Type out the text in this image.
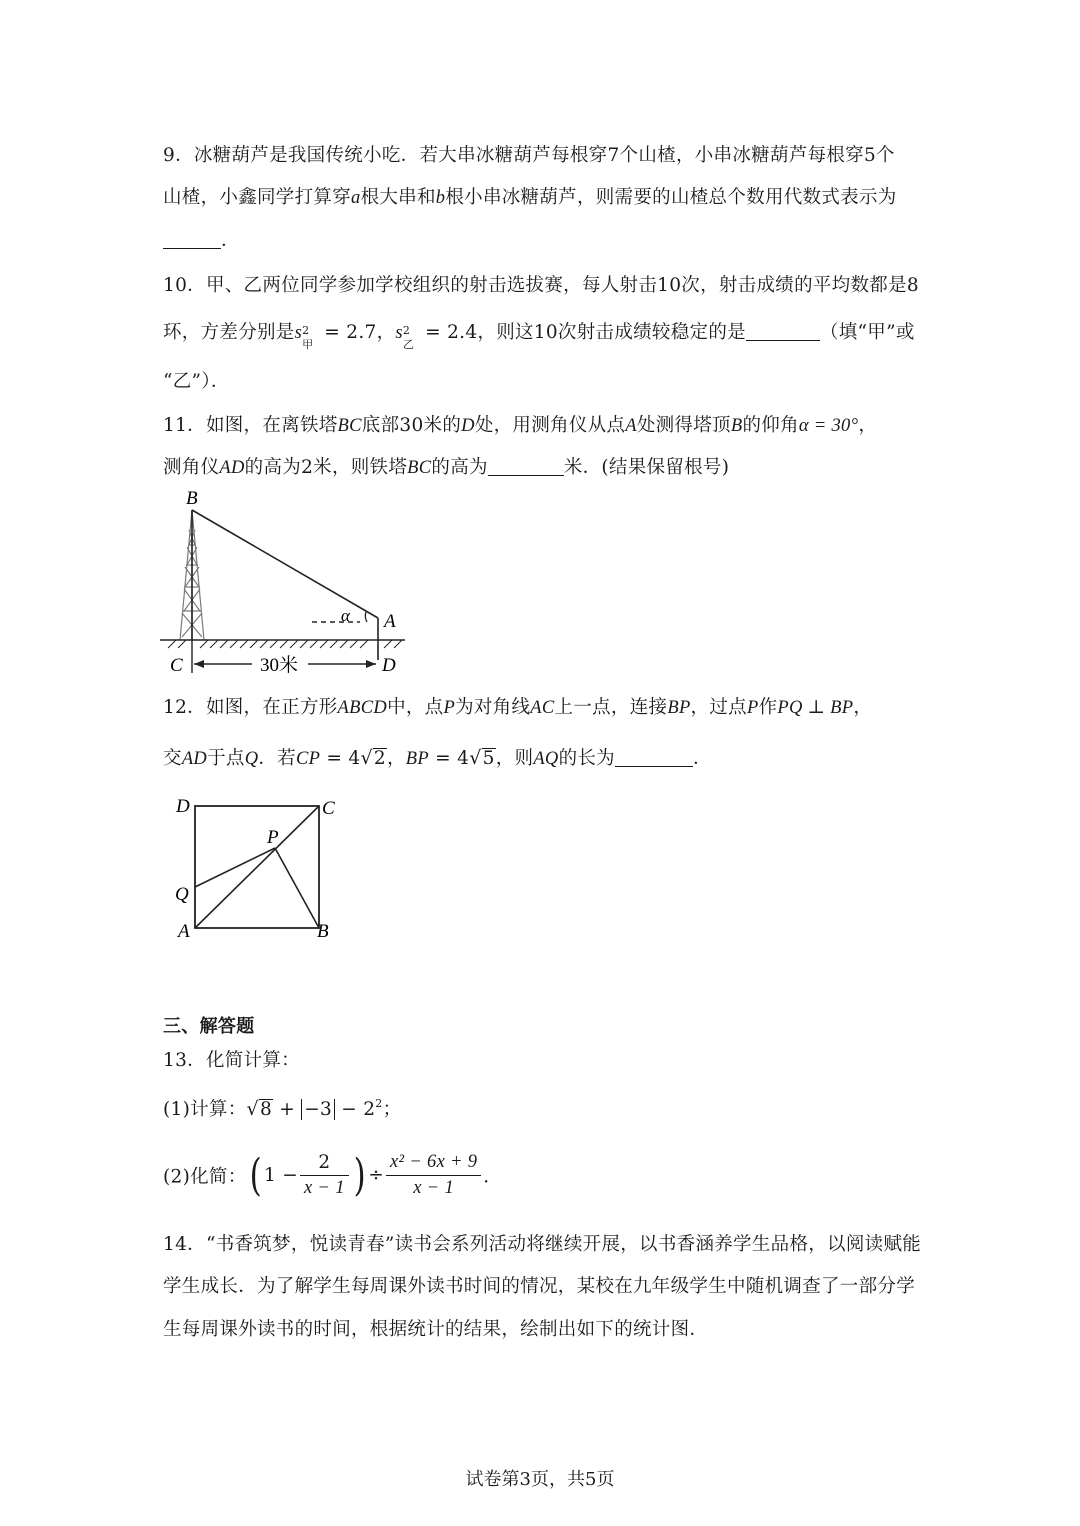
9．冰糖葫芦是我国传统小吃．若大串冰糖葫芦每根穿7个山楂，小串冰糖葫芦每根穿5个
山楂，小鑫同学打算穿a根大串和b根小串冰糖葫芦，则需要的山楂总个数用代数式表示为
．
10．甲、乙两位同学参加学校组织的射击选拔赛，每人射击10次，射击成绩的平均数都是8
环，方差分别是s 2
甲
= 2.7，s 2
乙
= 2.4，则这10次射击成绩较稳定的是	（填“甲”或
“乙”）．
11．如图，在离铁塔BC底部30米的D处，用测角仪从点A处测得塔顶B的仰角α = 30°，
测角仪AD的高为2米，则铁塔BC的高为	米．(结果保留根号)
B
A
C	D
α
30米
12．如图，在正方形ABCD中，点P为对角线AC上一点，连接BP，过点P作PQ ⊥ BP，
交AD于点Q．若CP = 4√2，BP = 4√5，则AQ的长为	．
D	C
P
Q
A	B
三、解答题
13．化简计算：
(1)计算：$√8 + -3 - 2^2$；
(2)化简：( $1 - \frac{2}{x - 1}$ ) ÷ $\frac{\text{x² − 6x + 9}}{x - 1}$ ．
14．“书香筑梦，悦读青春”读书会系列活动将继续开展，以书香涵养学生品格，以阅读赋能
学生成长．为了解学生每周课外读书时间的情况，某校在九年级学生中随机调查了一部分学
生每周课外读书的时间，根据统计的结果，绘制出如下的统计图．
试卷第3页，共5页
